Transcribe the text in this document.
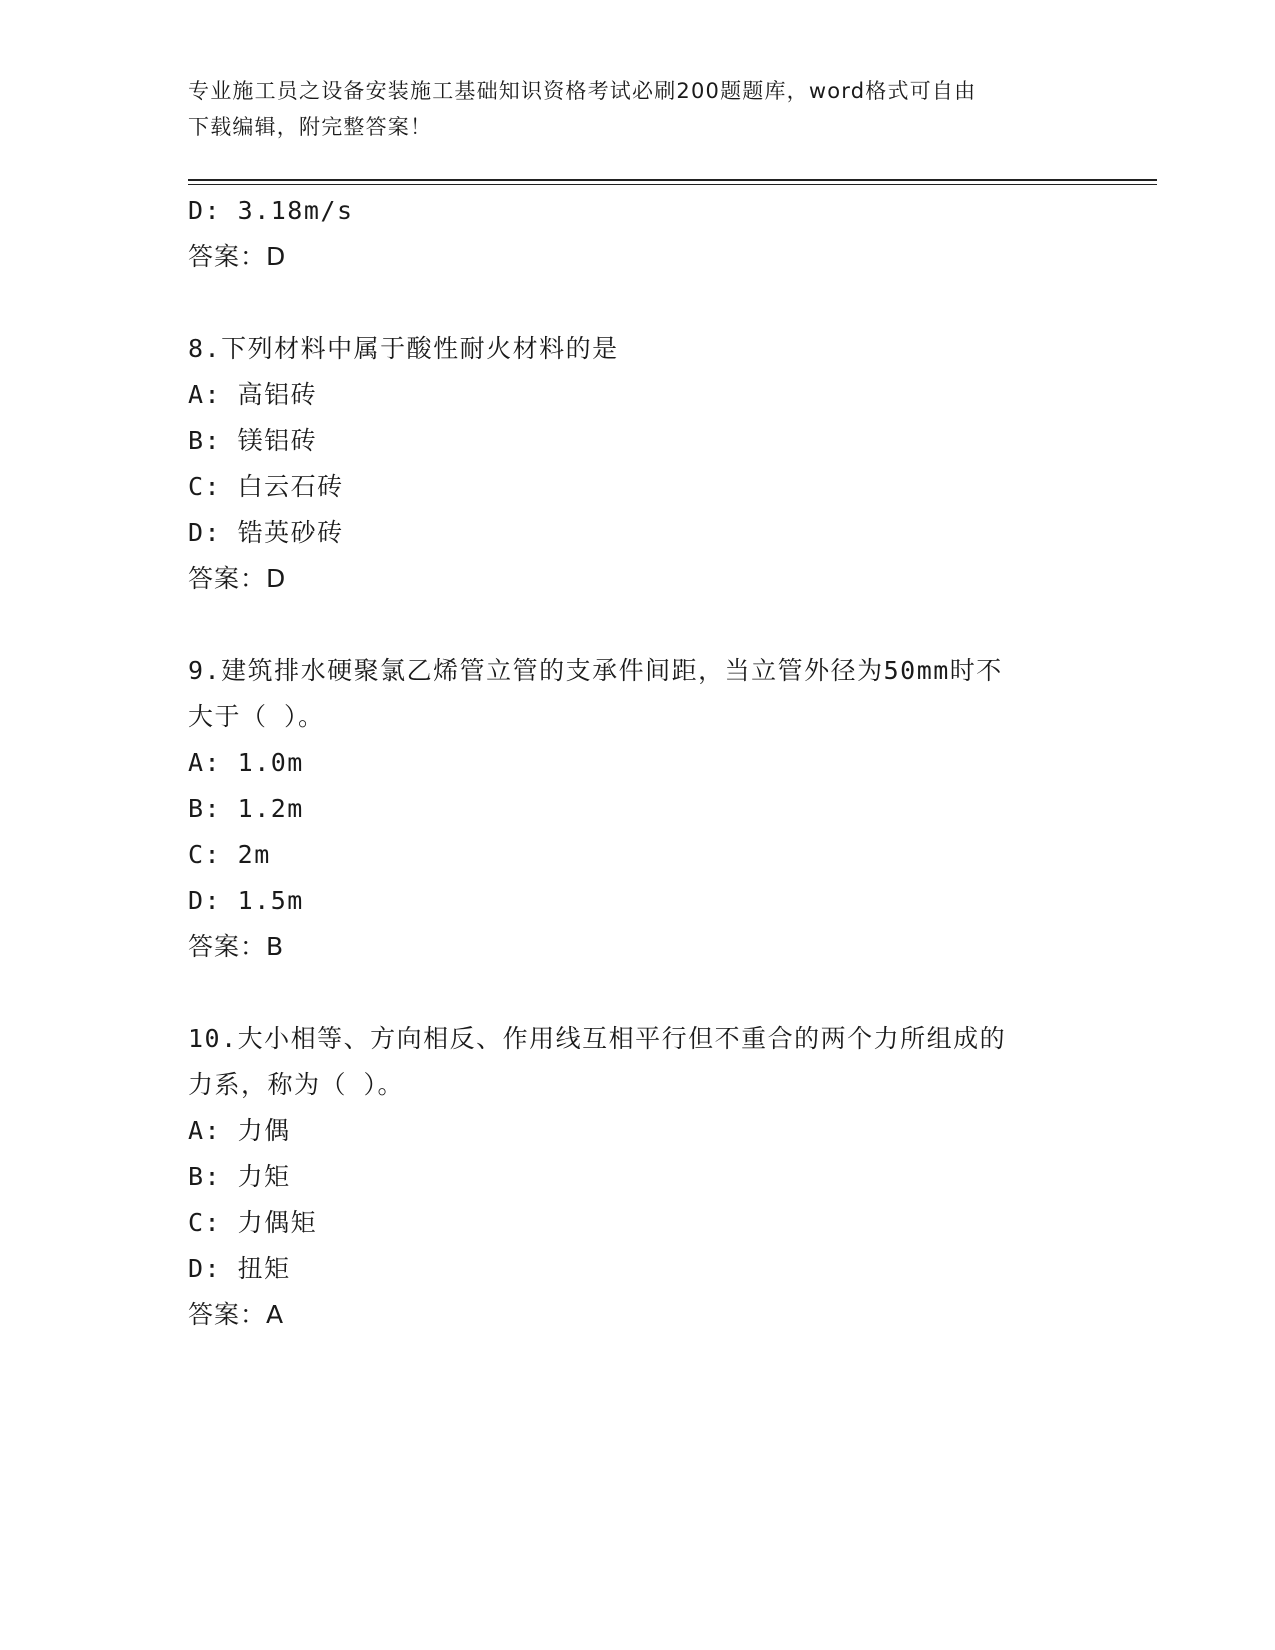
专业施工员之设备安装施工基础知识资格考试必刷200题题库，word格式可自由
下载编辑，附完整答案！
D: 3.18m/s
答案：D
8.下列材料中属于酸性耐火材料的是
A: 高铝砖
B: 镁铝砖
C: 白云石砖
D: 锆英砂砖
答案：D
9.建筑排水硬聚氯乙烯管立管的支承件间距，当立管外径为50mm时不
大于（ ）。
A: 1.0m
B: 1.2m
C: 2m
D: 1.5m
答案：B
10.大小相等、方向相反、作用线互相平行但不重合的两个力所组成的
力系，称为（ ）。
A: 力偶
B: 力矩
C: 力偶矩
D: 扭矩
答案：A
